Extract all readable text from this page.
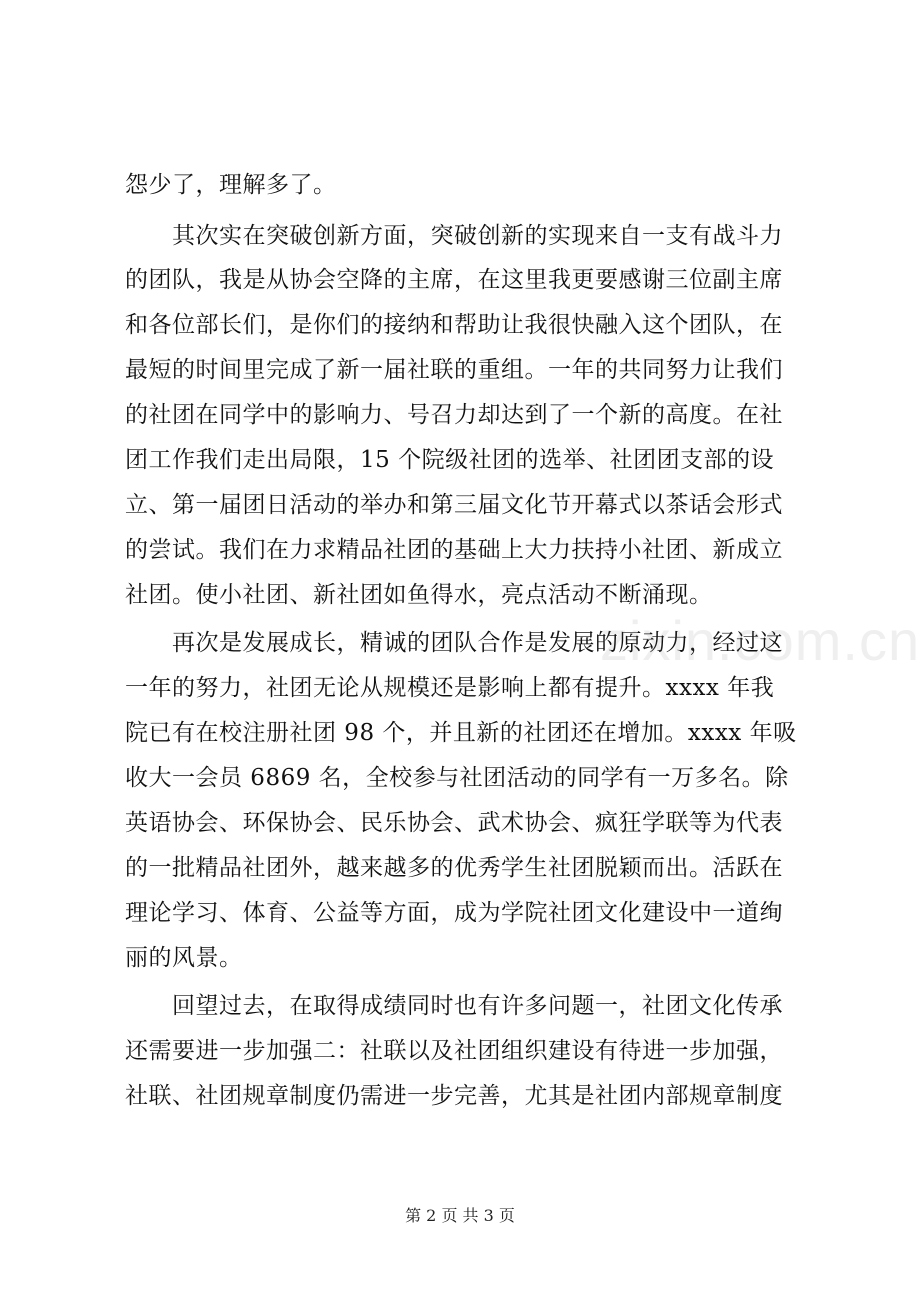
怨少了，理解多了。
其次实在突破创新方面，突破创新的实现来自一支有战斗力
的团队，我是从协会空降的主席，在这里我更要感谢三位副主席
和各位部长们，是你们的接纳和帮助让我很快融入这个团队，在
最短的时间里完成了新一届社联的重组。一年的共同努力让我们
的社团在同学中的影响力、号召力却达到了一个新的高度。在社
团工作我们走出局限，15 个院级社团的选举、社团团支部的设
立、第一届团日活动的举办和第三届文化节开幕式以茶话会形式
的尝试。我们在力求精品社团的基础上大力扶持小社团、新成立
社团。使小社团、新社团如鱼得水，亮点活动不断涌现。
再次是发展成长，精诚的团队合作是发展的原动力，经过这
一年的努力，社团无论从规模还是影响上都有提升。xxxx 年我
院已有在校注册社团 98 个，并且新的社团还在增加。xxxx 年吸
收大一会员 6869 名，全校参与社团活动的同学有一万多名。除
英语协会、环保协会、民乐协会、武术协会、疯狂学联等为代表
的一批精品社团外，越来越多的优秀学生社团脱颖而出。活跃在
理论学习、体育、公益等方面，成为学院社团文化建设中一道绚
丽的风景。
回望过去，在取得成绩同时也有许多问题一，社团文化传承
还需要进一步加强二：社联以及社团组织建设有待进一步加强，
社联、社团规章制度仍需进一步完善，尤其是社团内部规章制度
zixin.com.cn
第 2 页 共 3 页
